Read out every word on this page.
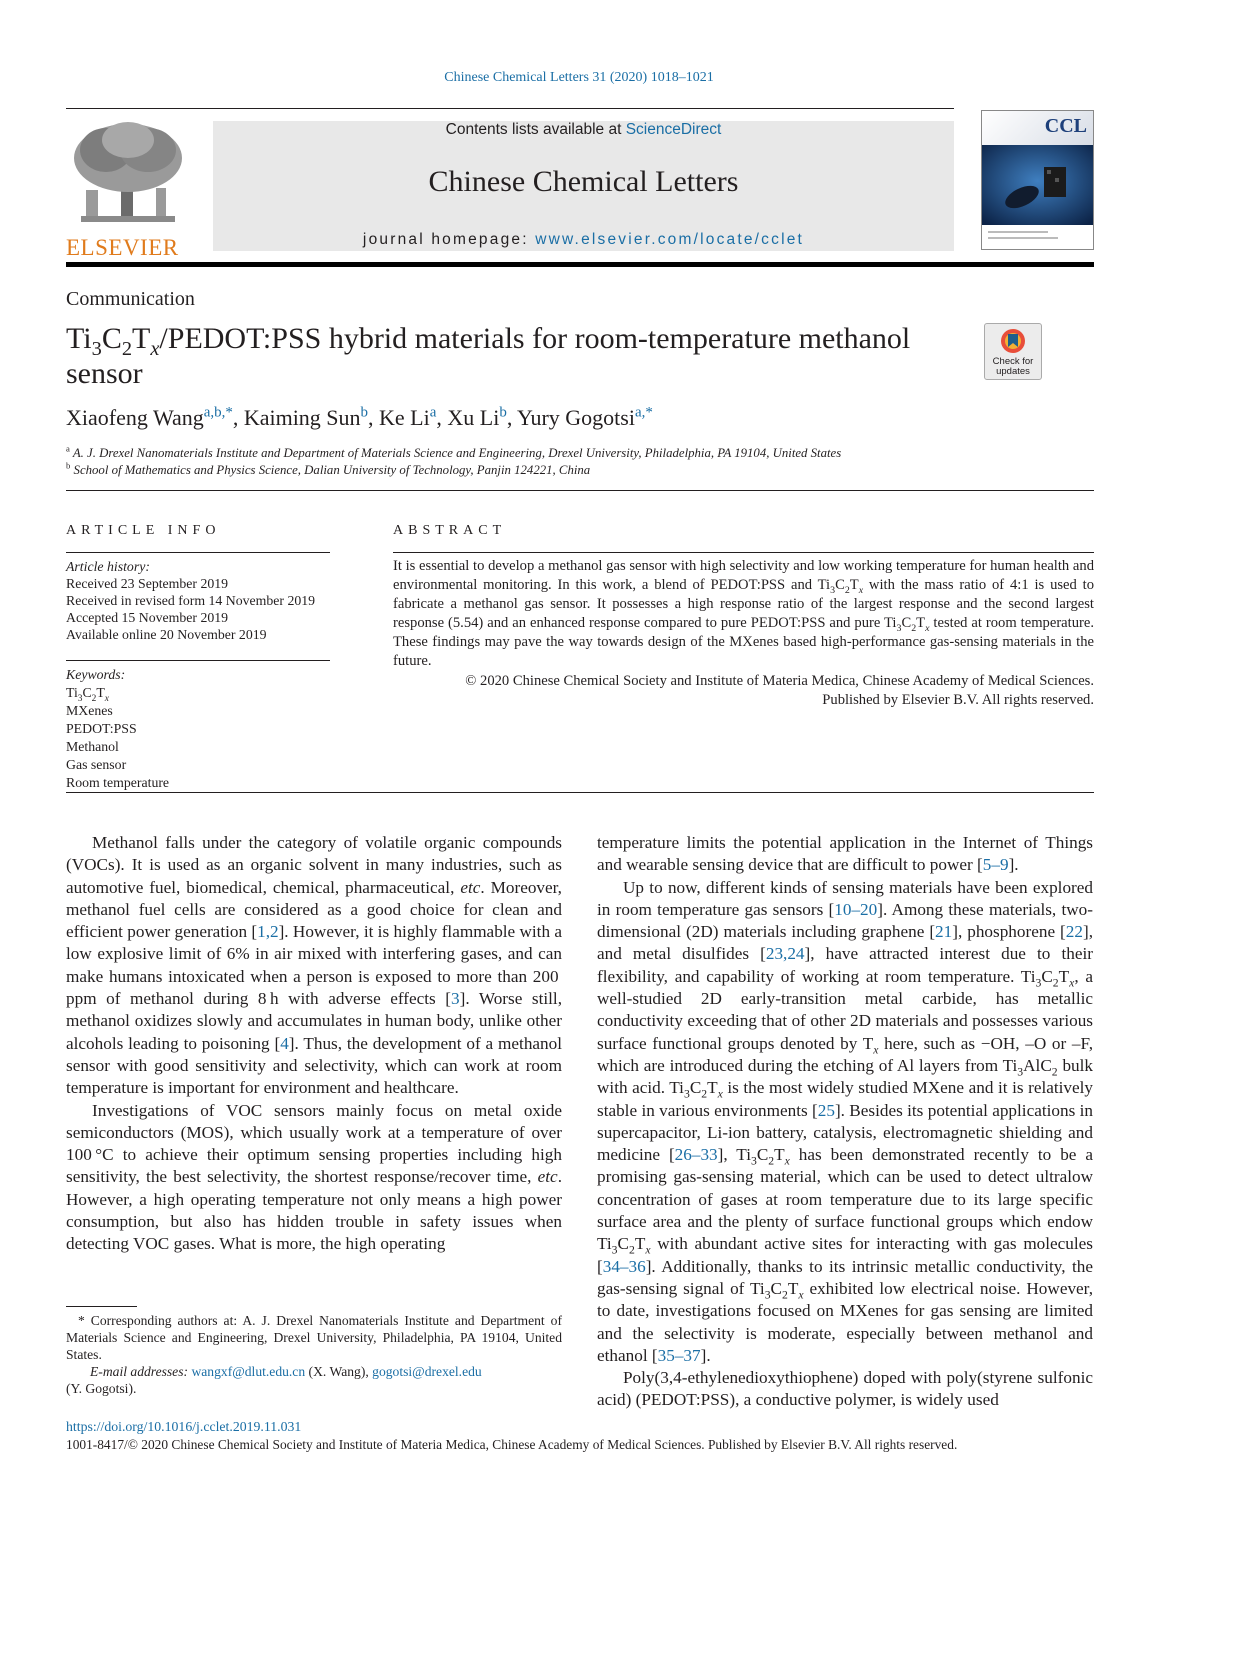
Chinese Chemical Letters 31 (2020) 1018–1021
ELSEVIER
Contents lists available at ScienceDirect
Chinese Chemical Letters
journal homepage: www.elsevier.com/locate/cclet
CCL
Communication
$Ti_3C_2T_x/PEDOT:PSS$ hybrid materials for room-temperature methanol
sensor	Check for
updates
Xiaofeng Wang$^{a,b,*}$, Kaiming Sun$^b$, Ke Li$^a$, Xu Li$^b$, Yury Gogotsi$^{a,*}$
$^a$ A. J. Drexel Nanomaterials Institute and Department of Materials Science and Engineering, Drexel University, Philadelphia, PA 19104, United States
$^b$ School of Mathematics and Physics Science, Dalian University of Technology, Panjin 124221, China
ARTICLE INFO
Article history:
Received 23 September 2019
Received in revised form 14 November 2019
Accepted 15 November 2019
Available online 20 November 2019
Keywords:
$Ti_3C_2T_x$
MXenes
PEDOT:PSS
Methanol
Gas sensor
Room temperature
ABSTRACT
It is essential to develop a methanol gas sensor with high selectivity and low working temperature for human health and environmental monitoring. In this work, a blend of PEDOT:PSS and $Ti_3C_2T_x$ with the mass ratio of 4:1 is used to fabricate a methanol gas sensor. It possesses a high response ratio of the largest response and the second largest response (5.54) and an enhanced response compared to pure PEDOT:PSS and pure $Ti_3C_2T_x$ tested at room temperature. These findings may pave the way towards design of the MXenes based high-performance gas-sensing materials in the future.
© 2020 Chinese Chemical Society and Institute of Materia Medica, Chinese Academy of Medical Sciences.
Published by Elsevier B.V. All rights reserved.

Methanol falls under the category of volatile organic compounds (VOCs). It is used as an organic solvent in many industries, such as automotive fuel, biomedical, chemical, pharmaceutical, etc. Moreover, methanol fuel cells are considered as a good choice for clean and efficient power generation [1,2]. However, it is highly flammable with a low explosive limit of 6% in air mixed with interfering gases, and can make humans intoxicated when a person is exposed to more than 200 ppm of methanol during 8 h with adverse effects [3]. Worse still, methanol oxidizes slowly and accumulates in human body, unlike other alcohols leading to poisoning [4]. Thus, the development of a methanol sensor with good sensitivity and selectivity, which can work at room temperature is important for environment and healthcare.

Investigations of VOC sensors mainly focus on metal oxide semiconductors (MOS), which usually work at a temperature of over 100 °C to achieve their optimum sensing properties including high sensitivity, the best selectivity, the shortest response/recover time, etc. However, a high operating temperature not only means a high power consumption, but also has hidden trouble in safety issues when detecting VOC gases. What is more, the high operating

* Corresponding authors at: A. J. Drexel Nanomaterials Institute and Department of Materials Science and Engineering, Drexel University, Philadelphia, PA 19104, United States.
E-mail addresses: wangxf@dlut.edu.cn (X. Wang), gogotsi@drexel.edu
(Y. Gogotsi).

temperature limits the potential application in the Internet of Things and wearable sensing device that are difficult to power [5–9].

Up to now, different kinds of sensing materials have been explored in room temperature gas sensors [10–20]. Among these materials, two-dimensional (2D) materials including graphene [21], phosphorene [22], and metal disulfides [23,24], have attracted interest due to their flexibility, and capability of working at room temperature. $Ti_3C_2T_x$, a well-studied 2D early-transition metal carbide, has metallic conductivity exceeding that of other 2D materials and possesses various surface functional groups denoted by $T_x$ here, such as −OH, –O or –F, which are introduced during the etching of Al layers from $Ti_3AlC_2$ bulk with acid. $Ti_3C_2T_x$ is the most widely studied MXene and it is relatively stable in various environments [25]. Besides its potential applications in supercapacitor, Li-ion battery, catalysis, electromagnetic shielding and medicine [26–33], $Ti_3C_2T_x$ has been demonstrated recently to be a promising gas-sensing material, which can be used to detect ultralow concentration of gases at room temperature due to its large specific surface area and the plenty of surface functional groups which endow $Ti_3C_2T_x$ with abundant active sites for interacting with gas molecules [34–36]. Additionally, thanks to its intrinsic metallic conductivity, the gas-sensing signal of $Ti_3C_2T_x$ exhibited low electrical noise. However, to date, investigations focused on MXenes for gas sensing are limited and the selectivity is moderate, especially between methanol and ethanol [35–37].

Poly(3,4-ethylenedioxythiophene) doped with poly(styrene sulfonic acid) (PEDOT:PSS), a conductive polymer, is widely used

https://doi.org/10.1016/j.cclet.2019.11.031
1001-8417/© 2020 Chinese Chemical Society and Institute of Materia Medica, Chinese Academy of Medical Sciences. Published by Elsevier B.V. All rights reserved.
